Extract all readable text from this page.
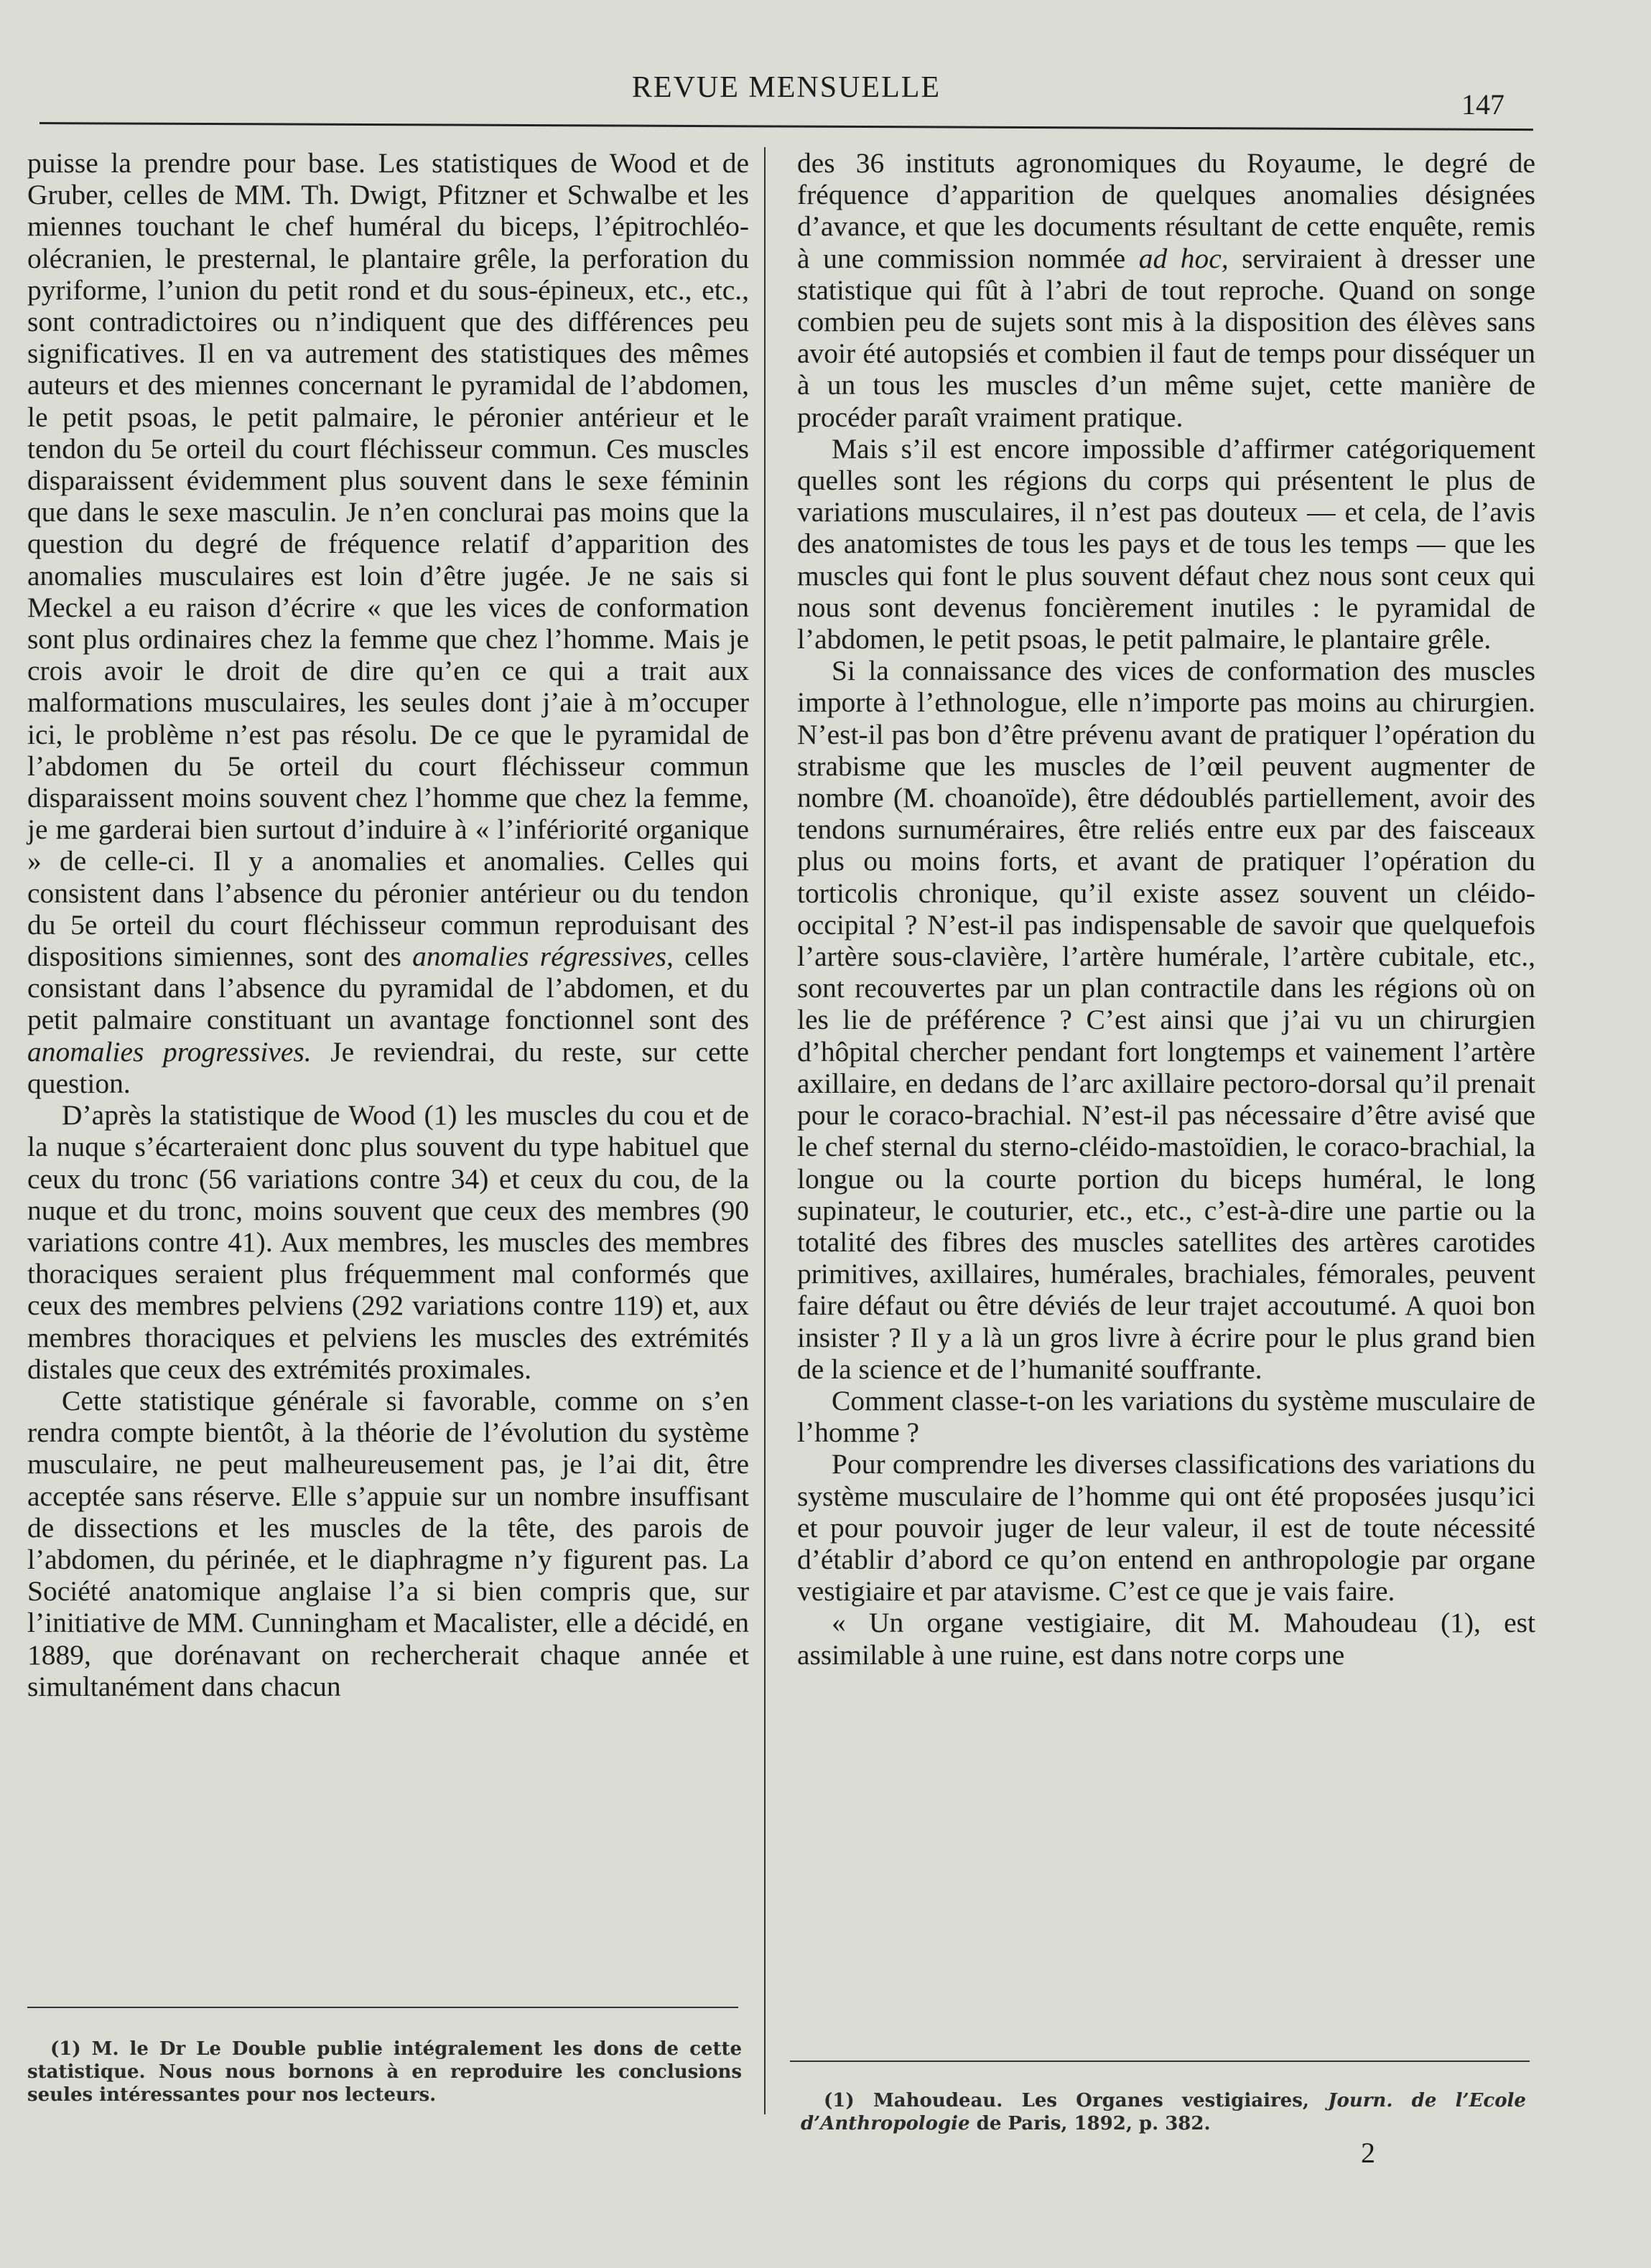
REVUE MENSUELLE
147

puisse la prendre pour base. Les statistiques de Wood et de Gruber, celles de MM. Th. Dwigt, Pfitzner et Schwalbe et les miennes touchant le chef huméral du biceps, l’épitrochléo-olécranien, le presternal, le plantaire grêle, la perforation du pyriforme, l’union du petit rond et du sous-épineux, etc., etc., sont contradictoires ou n’indiquent que des différences peu significatives. Il en va autrement des statistiques des mêmes auteurs et des miennes concernant le pyramidal de l’abdomen, le petit psoas, le petit palmaire, le péronier antérieur et le tendon du 5e orteil du court fléchisseur commun. Ces muscles disparaissent évidemment plus souvent dans le sexe féminin que dans le sexe masculin. Je n’en conclurai pas moins que la question du degré de fréquence relatif d’apparition des anomalies musculaires est loin d’être jugée. Je ne sais si Meckel a eu raison d’écrire « que les vices de conformation sont plus ordinaires chez la femme que chez l’homme. Mais je crois avoir le droit de dire qu’en ce qui a trait aux malformations musculaires, les seules dont j’aie à m’occuper ici, le problème n’est pas résolu. De ce que le pyramidal de l’abdomen du 5e orteil du court fléchisseur commun disparaissent moins souvent chez l’homme que chez la femme, je me garderai bien surtout d’induire à « l’infériorité organique » de celle-ci. Il y a anomalies et anomalies. Celles qui consistent dans l’absence du péronier antérieur ou du tendon du 5e orteil du court fléchisseur commun reproduisant des dispositions simiennes, sont des anomalies régressives, celles consistant dans l’absence du pyramidal de l’abdomen, et du petit palmaire constituant un avantage fonctionnel sont des anomalies progressives. Je reviendrai, du reste, sur cette question.

D’après la statistique de Wood (1) les muscles du cou et de la nuque s’écarteraient donc plus souvent du type habituel que ceux du tronc (56 variations contre 34) et ceux du cou, de la nuque et du tronc, moins souvent que ceux des membres (90 variations contre 41). Aux membres, les muscles des membres thoraciques seraient plus fréquemment mal conformés que ceux des membres pelviens (292 variations contre 119) et, aux membres thoraciques et pelviens les muscles des extrémités distales que ceux des extrémités proximales.

Cette statistique générale si favorable, comme on s’en rendra compte bientôt, à la théorie de l’évolution du système musculaire, ne peut malheureusement pas, je l’ai dit, être acceptée sans réserve. Elle s’appuie sur un nombre insuffisant de dissections et les muscles de la tête, des parois de l’abdomen, du périnée, et le diaphragme n’y figurent pas. La Société anatomique anglaise l’a si bien compris que, sur l’initiative de MM. Cunningham et Macalister, elle a décidé, en 1889, que dorénavant on rechercherait chaque année et simultanément dans chacun

des 36 instituts agronomiques du Royaume, le degré de fréquence d’apparition de quelques anomalies désignées d’avance, et que les documents résultant de cette enquête, remis à une commission nommée ad hoc, serviraient à dresser une statistique qui fût à l’abri de tout reproche. Quand on songe combien peu de sujets sont mis à la disposition des élèves sans avoir été autopsiés et combien il faut de temps pour disséquer un à un tous les muscles d’un même sujet, cette manière de procéder paraît vraiment pratique.

Mais s’il est encore impossible d’affirmer catégoriquement quelles sont les régions du corps qui présentent le plus de variations musculaires, il n’est pas douteux — et cela, de l’avis des anatomistes de tous les pays et de tous les temps — que les muscles qui font le plus souvent défaut chez nous sont ceux qui nous sont devenus foncièrement inutiles : le pyramidal de l’abdomen, le petit psoas, le petit palmaire, le plantaire grêle.

Si la connaissance des vices de conformation des muscles importe à l’ethnologue, elle n’importe pas moins au chirurgien. N’est-il pas bon d’être prévenu avant de pratiquer l’opération du strabisme que les muscles de l’œil peuvent augmenter de nombre (M. choanoïde), être dédoublés partiellement, avoir des tendons surnuméraires, être reliés entre eux par des faisceaux plus ou moins forts, et avant de pratiquer l’opération du torticolis chronique, qu’il existe assez souvent un cléido-occipital ? N’est-il pas indispensable de savoir que quelquefois l’artère sous-clavière, l’artère humérale, l’artère cubitale, etc., sont recouvertes par un plan contractile dans les régions où on les lie de préférence ? C’est ainsi que j’ai vu un chirurgien d’hôpital chercher pendant fort longtemps et vainement l’artère axillaire, en dedans de l’arc axillaire pectoro-dorsal qu’il prenait pour le coraco-brachial. N’est-il pas nécessaire d’être avisé que le chef sternal du sterno-cléido-mastoïdien, le coraco-brachial, la longue ou la courte portion du biceps huméral, le long supinateur, le couturier, etc., etc., c’est-à-dire une partie ou la totalité des fibres des muscles satellites des artères carotides primitives, axillaires, humérales, brachiales, fémorales, peuvent faire défaut ou être déviés de leur trajet accoutumé. A quoi bon insister ? Il y a là un gros livre à écrire pour le plus grand bien de la science et de l’humanité souffrante.

Comment classe-t-on les variations du système musculaire de l’homme ?

Pour comprendre les diverses classifications des variations du système musculaire de l’homme qui ont été proposées jusqu’ici et pour pouvoir juger de leur valeur, il est de toute nécessité d’établir d’abord ce qu’on entend en anthropologie par organe vestigiaire et par atavisme. C’est ce que je vais faire.

« Un organe vestigiaire, dit M. Mahoudeau (1), est assimilable à une ruine, est dans notre corps une

(1) M. le Dr Le Double publie intégralement les dons de cette statistique. Nous nous bornons à en reproduire les conclusions seules intéressantes pour nos lecteurs.	(1) Mahoudeau. Les Organes vestigiaires, Journ. de l’Ecole d’Anthropologie de Paris, 1892, p. 382.
2
